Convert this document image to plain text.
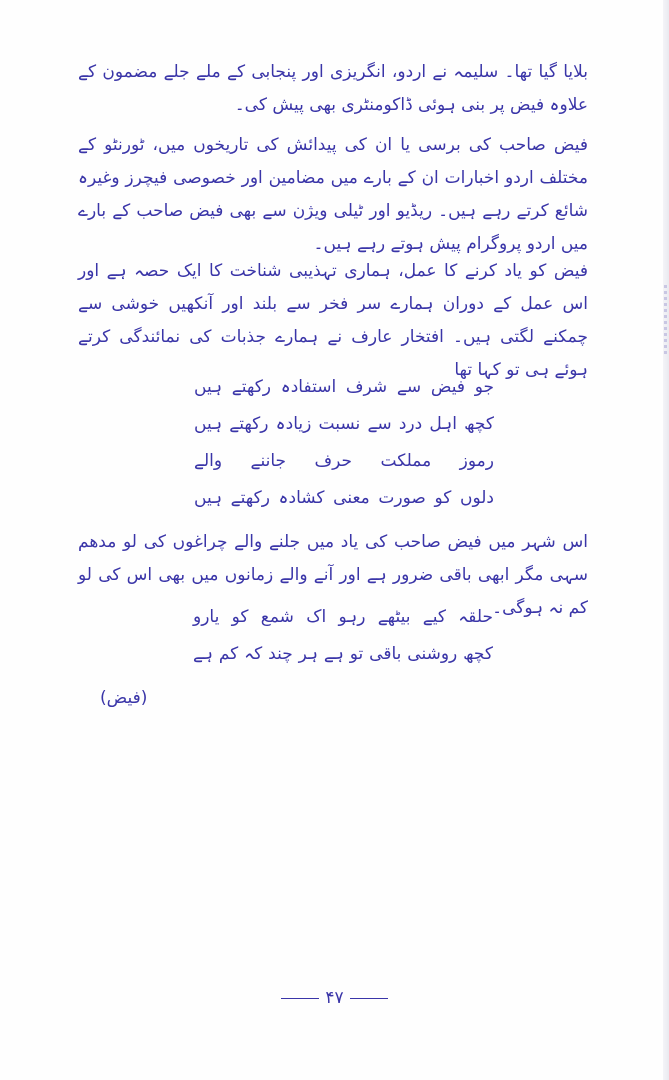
بلایا گیا تھا۔ سلیمہ نے اردو، انگریزی اور پنجابی کے ملے جلے مضمون کے علاوہ فیض پر بنی ہوئی ڈاکومنٹری بھی پیش کی۔
فیض صاحب کی برسی یا ان کی پیدائش کی تاریخوں میں، ٹورنٹو کے مختلف اردو اخبارات ان کے بارے میں مضامین اور خصوصی فیچرز وغیرہ شائع کرتے رہے ہیں۔ ریڈیو اور ٹیلی ویژن سے بھی فیض صاحب کے بارے میں اردو پروگرام پیش ہوتے رہے ہیں۔
فیض کو یاد کرنے کا عمل، ہماری تہذیبی شناخت کا ایک حصہ ہے اور اس عمل کے دوران ہمارے سر فخر سے بلند اور آنکھیں خوشی سے چمکنے لگتی ہیں۔ افتخار عارف نے ہمارے جذبات کی نمائندگی کرتے ہوئے ہی تو کہا تھا
جو فیض سے شرف استفادہ رکھتے ہیں
کچھ اہل درد سے نسبت زیادہ رکھتے ہیں
رموز مملکت حرف جاننے والے
دلوں کو صورت معنی کشادہ رکھتے ہیں
اس شہر میں فیض صاحب کی یاد میں جلنے والے چراغوں کی لو مدھم سہی مگر ابھی باقی ضرور ہے اور آنے والے زمانوں میں بھی اس کی لو کم نہ ہوگی۔
حلقہ کیے بیٹھے رہو اک شمع کو یارو
کچھ روشنی باقی تو ہے ہر چند کہ کم ہے
(فیض)
۴۷
